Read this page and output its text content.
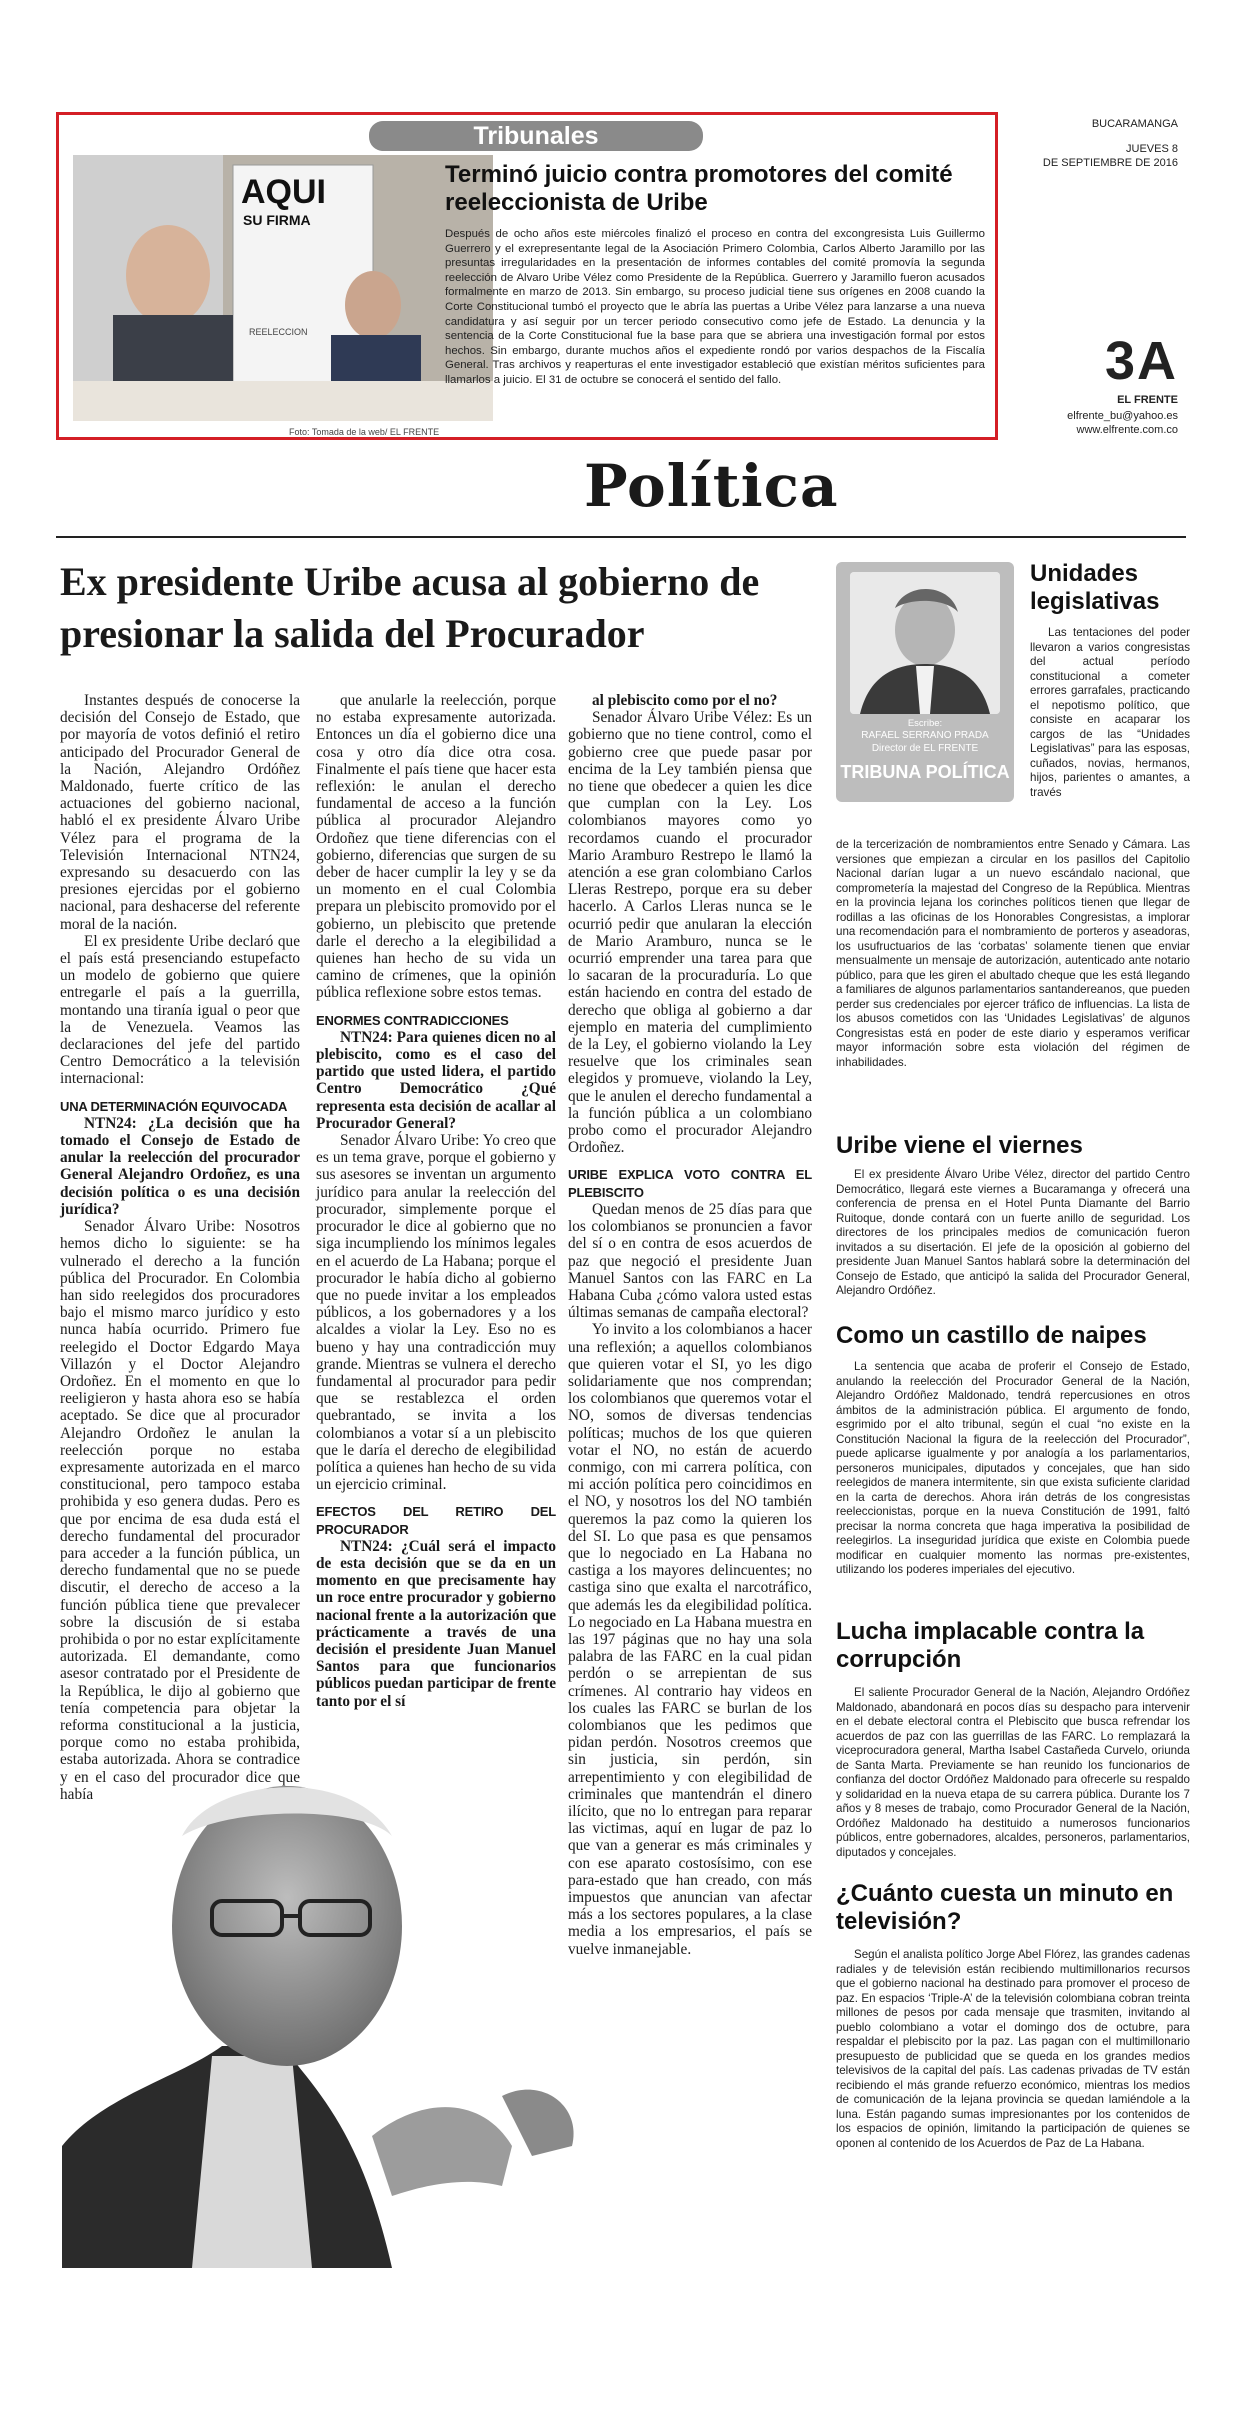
Tribunales
AQUI
SU FIRMA
REELECCION
Foto: Tomada de la web/ EL FRENTE
Terminó juicio contra promotores del comité reeleccionista de Uribe
Después de ocho años este miércoles finalizó el proceso en contra del excongresista Luis Guillermo Guerrero y el exrepresentante legal de la Asociación Primero Colombia, Carlos Alberto Jaramillo por las presuntas irregularidades en la presentación de informes contables del comité promovía la segunda reelección de Alvaro Uribe Vélez como Presidente de la República. Guerrero y Jaramillo fueron acusados formalmente en marzo de 2013. Sin embargo, su proceso judicial tiene sus orígenes en 2008 cuando la Corte Constitucional tumbó el proyecto que le abría las puertas a Uribe Vélez para lanzarse a una nueva candidatura y así seguir por un tercer periodo consecutivo como jefe de Estado. La denuncia y la sentencia de la Corte Constitucional fue la base para que se abriera una investigación formal por estos hechos. Sin embargo, durante muchos años el expediente rondó por varios despachos de la Fiscalía General. Tras archivos y reaperturas el ente investigador estableció que existían méritos suficientes para llamarlos a juicio. El 31 de octubre se conocerá el sentido del fallo.
BUCARAMANGA
JUEVES 8
DE SEPTIEMBRE DE 2016
3A
EL FRENTE
elfrente_bu@yahoo.es
www.elfrente.com.co
Política
Ex presidente Uribe acusa al gobierno de presionar la salida del Procurador

Instantes después de conocerse la decisión del Consejo de Estado, que por mayoría de votos definió el retiro anticipado del Procurador General de la Nación, Alejandro Ordóñez Maldonado, fuerte crítico de las actuaciones del gobierno nacional, habló el ex presidente Álvaro Uribe Vélez para el programa de la Televisión Internacional NTN24, expresando su desacuerdo con las presiones ejercidas por el gobierno nacional, para deshacerse del referente moral de la nación.

El ex presidente Uribe declaró que el país está presenciando estupefacto un modelo de gobierno que quiere entregarle el país a la guerrilla, montando una tiranía igual o peor que la de Venezuela. Veamos las declaraciones del jefe del partido Centro Democrático a la televisión internacional:

UNA DETERMINACIÓN EQUIVOCADA

NTN24: ¿La decisión que ha tomado el Consejo de Estado de anular la reelección del procurador General Alejandro Ordoñez, es una decisión política o es una decisión jurídica?

Senador Álvaro Uribe: Nosotros hemos dicho lo siguiente: se ha vulnerado el derecho a la función pública del Procurador. En Colombia han sido reelegidos dos procuradores bajo el mismo marco jurídico y esto nunca había ocurrido. Primero fue reelegido el Doctor Edgardo Maya Villazón y el Doctor Alejandro Ordoñez. En el momento en que lo reeligieron y hasta ahora eso se había aceptado. Se dice que al procurador Alejandro Ordoñez le anulan la reelección porque no estaba expresamente autorizada en el marco constitucional, pero tampoco estaba prohibida y eso genera dudas. Pero es que por encima de esa duda está el derecho fundamental del procurador para acceder a la función pública, un derecho fundamental que no se puede discutir, el derecho de acceso a la función pública tiene que prevalecer sobre la discusión de si estaba prohibida o por no estar explícitamente autorizada. El demandante, como asesor contratado por el Presidente de la República, le dijo al gobierno que tenía competencia para objetar la reforma constitucional a la justicia, porque como no estaba prohibida, estaba autorizada. Ahora se contradice y en el caso del procurador dice que había

que anularle la reelección, porque no estaba expresamente autorizada. Entonces un día el gobierno dice una cosa y otro día dice otra cosa. Finalmente el país tiene que hacer esta reflexión: le anulan el derecho fundamental de acceso a la función pública al procurador Alejandro Ordoñez que tiene diferencias con el gobierno, diferencias que surgen de su deber de hacer cumplir la ley y se da un momento en el cual Colombia prepara un plebiscito promovido por el gobierno, un plebiscito que pretende darle el derecho a la elegibilidad a quienes han hecho de su vida un camino de crímenes, que la opinión pública reflexione sobre estos temas.

ENORMES CONTRADICCIONES

NTN24: Para quienes dicen no al plebiscito, como es el caso del partido que usted lidera, el partido Centro Democrático ¿Qué representa esta decisión de acallar al Procurador General?

Senador Álvaro Uribe: Yo creo que es un tema grave, porque el gobierno y sus asesores se inventan un argumento jurídico para anular la reelección del procurador, simplemente porque el procurador le dice al gobierno que no siga incumpliendo los mínimos legales en el acuerdo de La Habana; porque el procurador le había dicho al gobierno que no puede invitar a los empleados públicos, a los gobernadores y a los alcaldes a violar la Ley. Eso no es bueno y hay una contradicción muy grande. Mientras se vulnera el derecho fundamental al procurador para pedir que se restablezca el orden quebrantado, se invita a los colombianos a votar sí a un plebiscito que le daría el derecho de elegibilidad política a quienes han hecho de su vida un ejercicio criminal.

EFECTOS DEL RETIRO DEL PROCURADOR

NTN24: ¿Cuál será el impacto de esta decisión que se da en un momento en que precisamente hay un roce entre procurador y gobierno nacional frente a la autorización que prácticamente a través de una decisión el presidente Juan Manuel Santos para que funcionarios públicos puedan participar de frente tanto por el sí

al plebiscito como por el no?

Senador Álvaro Uribe Vélez: Es un gobierno que no tiene control, como el gobierno cree que puede pasar por encima de la Ley también piensa que no tiene que obedecer a quien les dice que cumplan con la Ley. Los colombianos mayores como yo recordamos cuando el procurador Mario Aramburo Restrepo le llamó la atención a ese gran colombiano Carlos Lleras Restrepo, porque era su deber hacerlo. A Carlos Lleras nunca se le ocurrió pedir que anularan la elección de Mario Aramburo, nunca se le ocurrió emprender una tarea para que lo sacaran de la procuraduría. Lo que están haciendo en contra del estado de derecho que obliga al gobierno a dar ejemplo en materia del cumplimiento de la Ley, el gobierno violando la Ley resuelve que los criminales sean elegidos y promueve, violando la Ley, que le anulen el derecho fundamental a la función pública a un colombiano probo como el procurador Alejandro Ordoñez.

URIBE EXPLICA VOTO CONTRA EL PLEBISCITO

Quedan menos de 25 días para que los colombianos se pronuncien a favor del sí o en contra de esos acuerdos de paz que negoció el presidente Juan Manuel Santos con las FARC en La Habana Cuba ¿cómo valora usted estas últimas semanas de campaña electoral?

Yo invito a los colombianos a hacer una reflexión; a aquellos colombianos que quieren votar el SI, yo les digo solidariamente que nos comprendan; los colombianos que queremos votar el NO, somos de diversas tendencias políticas; muchos de los que quieren votar el NO, no están de acuerdo conmigo, con mi carrera política, con mi acción política pero coincidimos en el NO, y nosotros los del NO también queremos la paz como la quieren los del SI. Lo que pasa es que pensamos que lo negociado en La Habana no castiga a los mayores delincuentes; no castiga sino que exalta el narcotráfico, que además les da elegibilidad política. Lo negociado en La Habana muestra en las 197 páginas que no hay una sola palabra de las FARC en la cual pidan perdón o se arrepientan de sus crímenes. Al contrario hay videos en los cuales las FARC se burlan de los colombianos que les pedimos que pidan perdón. Nosotros creemos que sin justicia, sin perdón, sin arrepentimiento y con elegibilidad de criminales que mantendrán el dinero ilícito, que no lo entregan para reparar las victimas, aquí en lugar de paz lo que van a generar es más criminales y con ese aparato costosísimo, con ese para-estado que han creado, con más impuestos que anuncian van afectar más a los sectores populares, a la clase media a los empresarios, el país se vuelve inmanejable.

Escribe:
RAFAEL SERRANO PRADA
Director de EL FRENTE
TRIBUNA POLÍTICA
Unidades legislativas

Las tentaciones del poder llevaron a varios congresistas del actual período constitucional a cometer errores garrafales, practicando el nepotismo político, que consiste en acaparar los cargos de las “Unidades Legislativas” para las esposas, cuñados, novias, hermanos, hijos, parientes o amantes, a través

de la tercerización de nombramientos entre Senado y Cámara. Las versiones que empiezan a circular en los pasillos del Capitolio Nacional darían lugar a un nuevo escándalo nacional, que comprometería la majestad del Congreso de la República. Mientras en la provincia lejana los corinches políticos tienen que llegar de rodillas a las oficinas de los Honorables Congresistas, a implorar una recomendación para el nombramiento de porteros y aseadoras, los usufructuarios de las ‘corbatas’ solamente tienen que enviar mensualmente un mensaje de autorización, autenticado ante notario público, para que les giren el abultado cheque que les está llegando a familiares de algunos parlamentarios santandereanos, que pueden perder sus credenciales por ejercer tráfico de influencias. La lista de los abusos cometidos con las ‘Unidades Legislativas’ de algunos Congresistas está en poder de este diario y esperamos verificar mayor información sobre esta violación del régimen de inhabilidades.

Uribe viene el viernes

El ex presidente Álvaro Uribe Vélez, director del partido Centro Democrático, llegará este viernes a Bucaramanga y ofrecerá una conferencia de prensa en el Hotel Punta Diamante del Barrio Ruitoque, donde contará con un fuerte anillo de seguridad. Los directores de los principales medios de comunicación fueron invitados a su disertación. El jefe de la oposición al gobierno del presidente Juan Manuel Santos hablará sobre la determinación del Consejo de Estado, que anticipó la salida del Procurador General, Alejandro Ordóñez.

Como un castillo de naipes

La sentencia que acaba de proferir el Consejo de Estado, anulando la reelección del Procurador General de la Nación, Alejandro Ordóñez Maldonado, tendrá repercusiones en otros ámbitos de la administración pública. El argumento de fondo, esgrimido por el alto tribunal, según el cual “no existe en la Constitución Nacional la figura de la reelección del Procurador”, puede aplicarse igualmente y por analogía a los parlamentarios, personeros municipales, diputados y concejales, que han sido reelegidos de manera intermitente, sin que exista suficiente claridad en la carta de derechos. Ahora irán detrás de los congresistas reeleccionistas, porque en la nueva Constitución de 1991, faltó precisar la norma concreta que haga imperativa la posibilidad de reelegirlos. La inseguridad jurídica que existe en Colombia puede modificar en cualquier momento las normas pre-existentes, utilizando los poderes imperiales del ejecutivo.

Lucha implacable contra la corrupción

El saliente Procurador General de la Nación, Alejandro Ordóñez Maldonado, abandonará en pocos días su despacho para intervenir en el debate electoral contra el Plebiscito que busca refrendar los acuerdos de paz con las guerrillas de las FARC. Lo remplazará la viceprocuradora general, Martha Isabel Castañeda Curvelo, oriunda de Santa Marta. Previamente se han reunido los funcionarios de confianza del doctor Ordóñez Maldonado para ofrecerle su respaldo y solidaridad en la nueva etapa de su carrera pública. Durante los 7 años y 8 meses de trabajo, como Procurador General de la Nación, Ordóñez Maldonado ha destituido a numerosos funcionarios públicos, entre gobernadores, alcaldes, personeros, parlamentarios, diputados y concejales.

¿Cuánto cuesta un minuto en televisión?

Según el analista político Jorge Abel Flórez, las grandes cadenas radiales y de televisión están recibiendo multimillonarios recursos que el gobierno nacional ha destinado para promover el proceso de paz. En espacios ‘Triple-A’ de la televisión colombiana cobran treinta millones de pesos por cada mensaje que trasmiten, invitando al pueblo colombiano a votar el domingo dos de octubre, para respaldar el plebiscito por la paz. Las pagan con el multimillonario presupuesto de publicidad que se queda en los grandes medios televisivos de la capital del país. Las cadenas privadas de TV están recibiendo el más grande refuerzo económico, mientras los medios de comunicación de la lejana provincia se quedan lamiéndole a la luna. Están pagando sumas impresionantes por los contenidos de los espacios de opinión, limitando la participación de quienes se oponen al contenido de los Acuerdos de Paz de La Habana.
